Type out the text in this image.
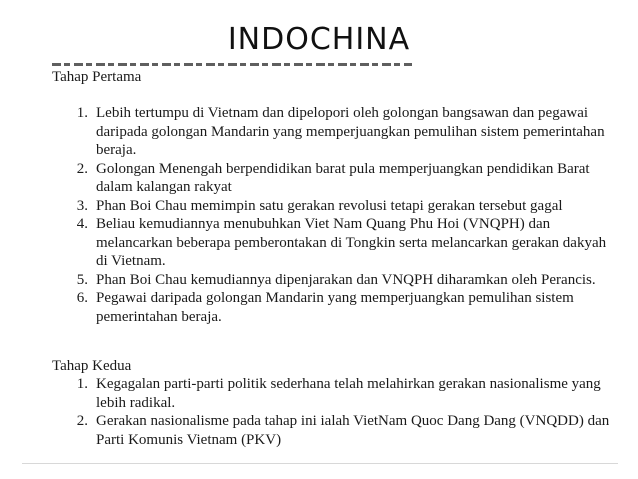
INDOCHINA

Tahap Pertama

1. Lebih tertumpu di Vietnam dan dipelopori oleh golongan bangsawan dan pegawai daripada golongan Mandarin yang memperjuangkan pemulihan sistem pemerintahan beraja.
2. Golongan Menengah berpendidikan barat pula memperjuangkan pendidikan Barat dalam kalangan rakyat
3. Phan Boi Chau memimpin satu gerakan revolusi tetapi gerakan tersebut gagal
4. Beliau kemudiannya menubuhkan Viet Nam Quang Phu Hoi (VNQPH) dan melancarkan beberapa pemberontakan di Tongkin serta melancarkan gerakan dakyah di Vietnam.
5. Phan Boi Chau kemudiannya dipenjarakan dan VNQPH diharamkan oleh Perancis.
6. Pegawai daripada golongan Mandarin yang memperjuangkan pemulihan sistem pemerintahan beraja.

Tahap Kedua

1. Kegagalan parti-parti politik sederhana telah melahirkan gerakan nasionalisme yang lebih radikal.
2. Gerakan nasionalisme pada tahap ini ialah VietNam Quoc Dang Dang (VNQDD) dan Parti Komunis Vietnam (PKV)
